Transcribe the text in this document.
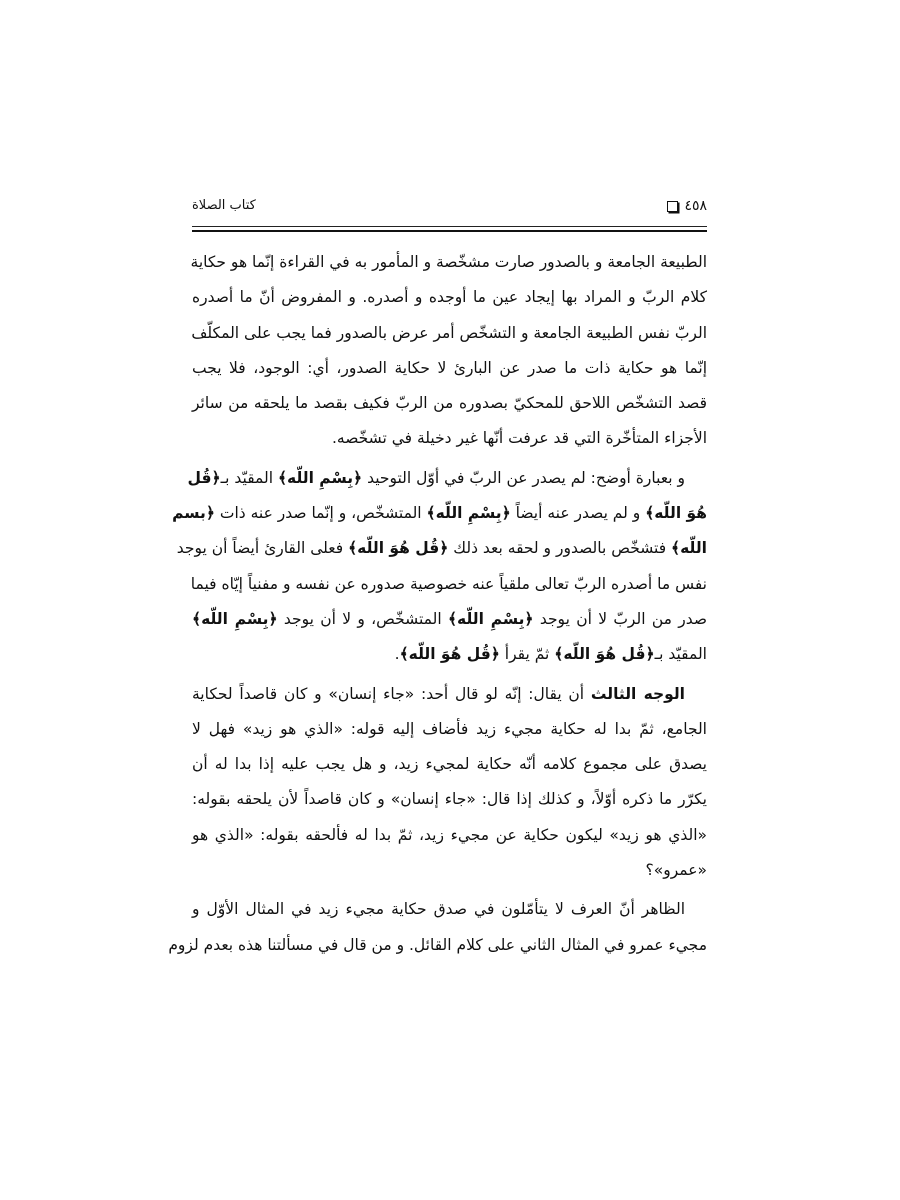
٤٥٨
كتاب الصلاة
الطبيعة الجامعة و بالصدور صارت مشخّصة و المأمور به في القراءة إنّما هو حكاية
كلام الربّ و المراد بها إيجاد عين ما أوجده و أصدره. و المفروض أنّ ما أصدره
الربّ نفس الطبيعة الجامعة و التشخّص أمر عرض بالصدور فما يجب على المكلّف
إنّما هو حكاية ذات ما صدر عن البارئ لا حكاية الصدور، أي: الوجود، فلا يجب
قصد التشخّص اللاحق للمحكيّ بصدوره من الربّ فكيف بقصد ما يلحقه من سائر
الأجزاء المتأخّرة التي قد عرفت أنّها غير دخيلة في تشخّصه.
و بعبارة أوضح: لم يصدر عن الربّ في أوّل التوحيد ﴿بِسْمِ اللّه﴾ المقيّد بـ﴿قُل
هُوَ اللّه﴾ و لم يصدر عنه أيضاً ﴿بِسْمِ اللّه﴾ المتشخّص، و إنّما صدر عنه ذات ﴿بسم
اللّه﴾ فتشخّص بالصدور و لحقه بعد ذلك ﴿قُل هُوَ اللّه﴾ فعلى القارئ أيضاً أن يوجد
نفس ما أصدره الربّ تعالى ملقياً عنه خصوصية صدوره عن نفسه و مفنياً إيّاه فيما
صدر من الربّ لا أن يوجد ﴿بِسْمِ اللّه﴾ المتشخّص، و لا أن يوجد ﴿بِسْمِ اللّه﴾
المقيّد بـ﴿قُل هُوَ اللّه﴾ ثمّ يقرأ ﴿قُل هُوَ اللّه﴾.
الوجه الثالث أن يقال: إنّه لو قال أحد: «جاء إنسان» و كان قاصداً لحكاية
الجامع، ثمّ بدا له حكاية مجيء زيد فأضاف إليه قوله: «الذي هو زيد» فهل لا
يصدق على مجموع كلامه أنّه حكاية لمجيء زيد، و هل يجب عليه إذا بدا له أن
يكرّر ما ذكره أوّلاً، و كذلك إذا قال: «جاء إنسان» و كان قاصداً لأن يلحقه بقوله:
«الذي هو زيد» ليكون حكاية عن مجيء زيد، ثمّ بدا له فألحقه بقوله: «الذي هو
«عمرو»؟
الظاهر أنّ العرف لا يتأمّلون في صدق حكاية مجيء زيد في المثال الأوّل و
مجيء عمرو في المثال الثاني على كلام القائل. و من قال في مسألتنا هذه بعدم لزوم
